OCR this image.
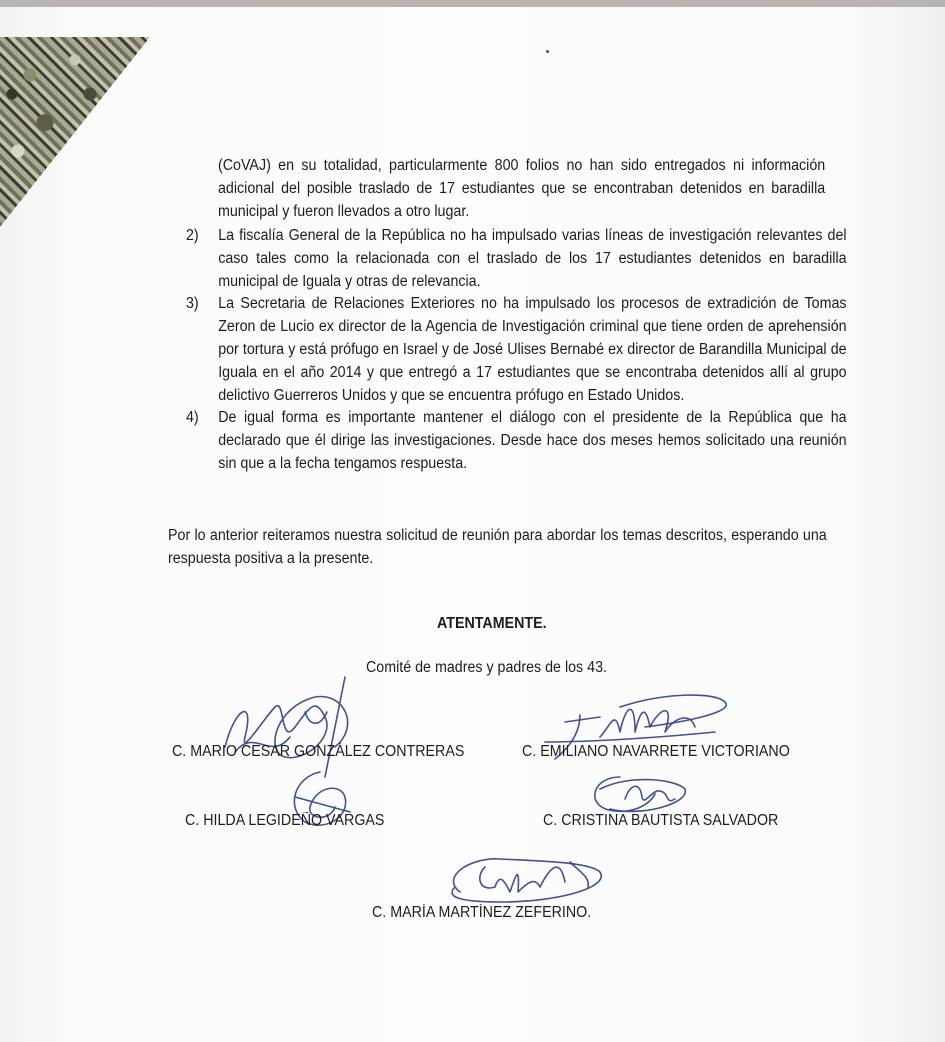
(CoVAJ) en su totalidad, particularmente 800 folios no han sido entregados ni información adicional del posible traslado de 17 estudiantes que se encontraban detenidos en baradilla municipal y fueron llevados a otro lugar.
2) La fiscalía General de la República no ha impulsado varias líneas de investigación relevantes del caso tales como la relacionada con el traslado de los 17 estudiantes detenidos en baradilla municipal de Iguala y otras de relevancia.
3) La Secretaria de Relaciones Exteriores no ha impulsado los procesos de extradición de Tomas Zeron de Lucio ex director de la Agencia de Investigación criminal que tiene orden de aprehensión por tortura y está prófugo en Israel y de José Ulises Bernabé ex director de Barandilla Municipal de Iguala en el año 2014 y que entregó a 17 estudiantes que se encontraba detenidos allí al grupo delictivo Guerreros Unidos y que se encuentra prófugo en Estado Unidos.
4) De igual forma es importante mantener el diálogo con el presidente de la República que ha declarado que él dirige las investigaciones. Desde hace dos meses hemos solicitado una reunión sin que a la fecha tengamos respuesta.
Por lo anterior reiteramos nuestra solicitud de reunión para abordar los temas descritos, esperando una respuesta positiva a la presente.
ATENTAMENTE.
Comité de madres y padres de los 43.
C. MARIO CESAR GONZÁLEZ CONTRERAS	C. EMILIANO NAVARRETE VICTORIANO
C. HILDA LEGIDEÑO VARGAS	C. CRISTINA BAUTISTA SALVADOR
C. MARÍA MARTÍNEZ ZEFERINO.
